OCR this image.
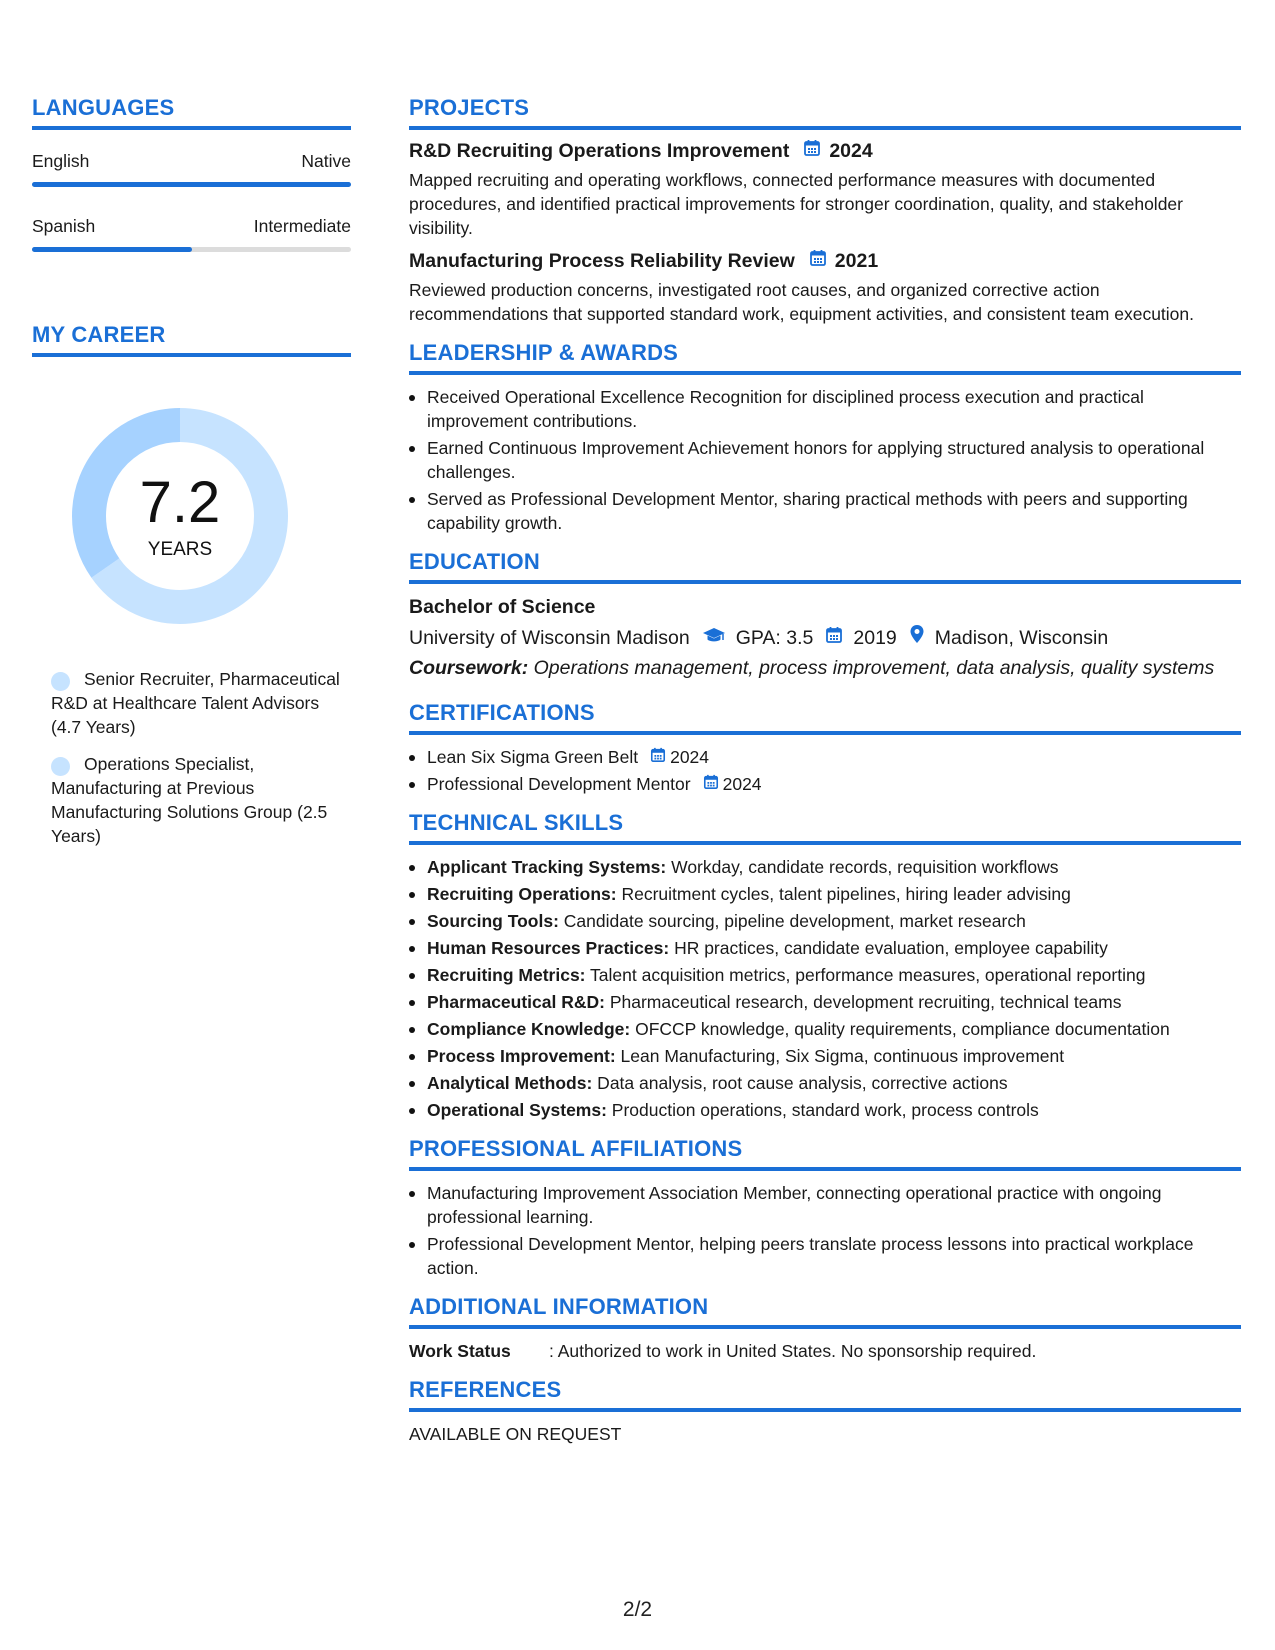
LANGUAGES
English	Native
Spanish	Intermediate
MY CAREER
7.2
YEARS
Senior Recruiter, Pharmaceutical R&D at Healthcare Talent Advisors (4.7 Years)
Operations Specialist, Manufacturing at Previous Manufacturing Solutions Group (2.5 Years)
PROJECTS
R&D Recruiting Operations Improvement 2024
Mapped recruiting and operating workflows, connected performance measures with documented procedures, and identified practical improvements for stronger coordination, quality, and stakeholder visibility.
Manufacturing Process Reliability Review 2021
Reviewed production concerns, investigated root causes, and organized corrective action recommendations that supported standard work, equipment activities, and consistent team execution.
LEADERSHIP & AWARDS
Received Operational Excellence Recognition for disciplined process execution and practical improvement contributions.
Earned Continuous Improvement Achievement honors for applying structured analysis to operational challenges.
Served as Professional Development Mentor, sharing practical methods with peers and supporting capability growth.
EDUCATION
Bachelor of Science
University of Wisconsin Madison GPA: 3.5 2019 Madison, Wisconsin
Coursework: Operations management, process improvement, data analysis, quality systems
CERTIFICATIONS
Lean Six Sigma Green Belt 2024
Professional Development Mentor 2024
TECHNICAL SKILLS
Applicant Tracking Systems: Workday, candidate records, requisition workflows
Recruiting Operations: Recruitment cycles, talent pipelines, hiring leader advising
Sourcing Tools: Candidate sourcing, pipeline development, market research
Human Resources Practices: HR practices, candidate evaluation, employee capability
Recruiting Metrics: Talent acquisition metrics, performance measures, operational reporting
Pharmaceutical R&D: Pharmaceutical research, development recruiting, technical teams
Compliance Knowledge: OFCCP knowledge, quality requirements, compliance documentation
Process Improvement: Lean Manufacturing, Six Sigma, continuous improvement
Analytical Methods: Data analysis, root cause analysis, corrective actions
Operational Systems: Production operations, standard work, process controls
PROFESSIONAL AFFILIATIONS
Manufacturing Improvement Association Member, connecting operational practice with ongoing professional learning.
Professional Development Mentor, helping peers translate process lessons into practical workplace action.
ADDITIONAL INFORMATION
Work Status	: Authorized to work in United States. No sponsorship required.
REFERENCES
AVAILABLE ON REQUEST
2/2
